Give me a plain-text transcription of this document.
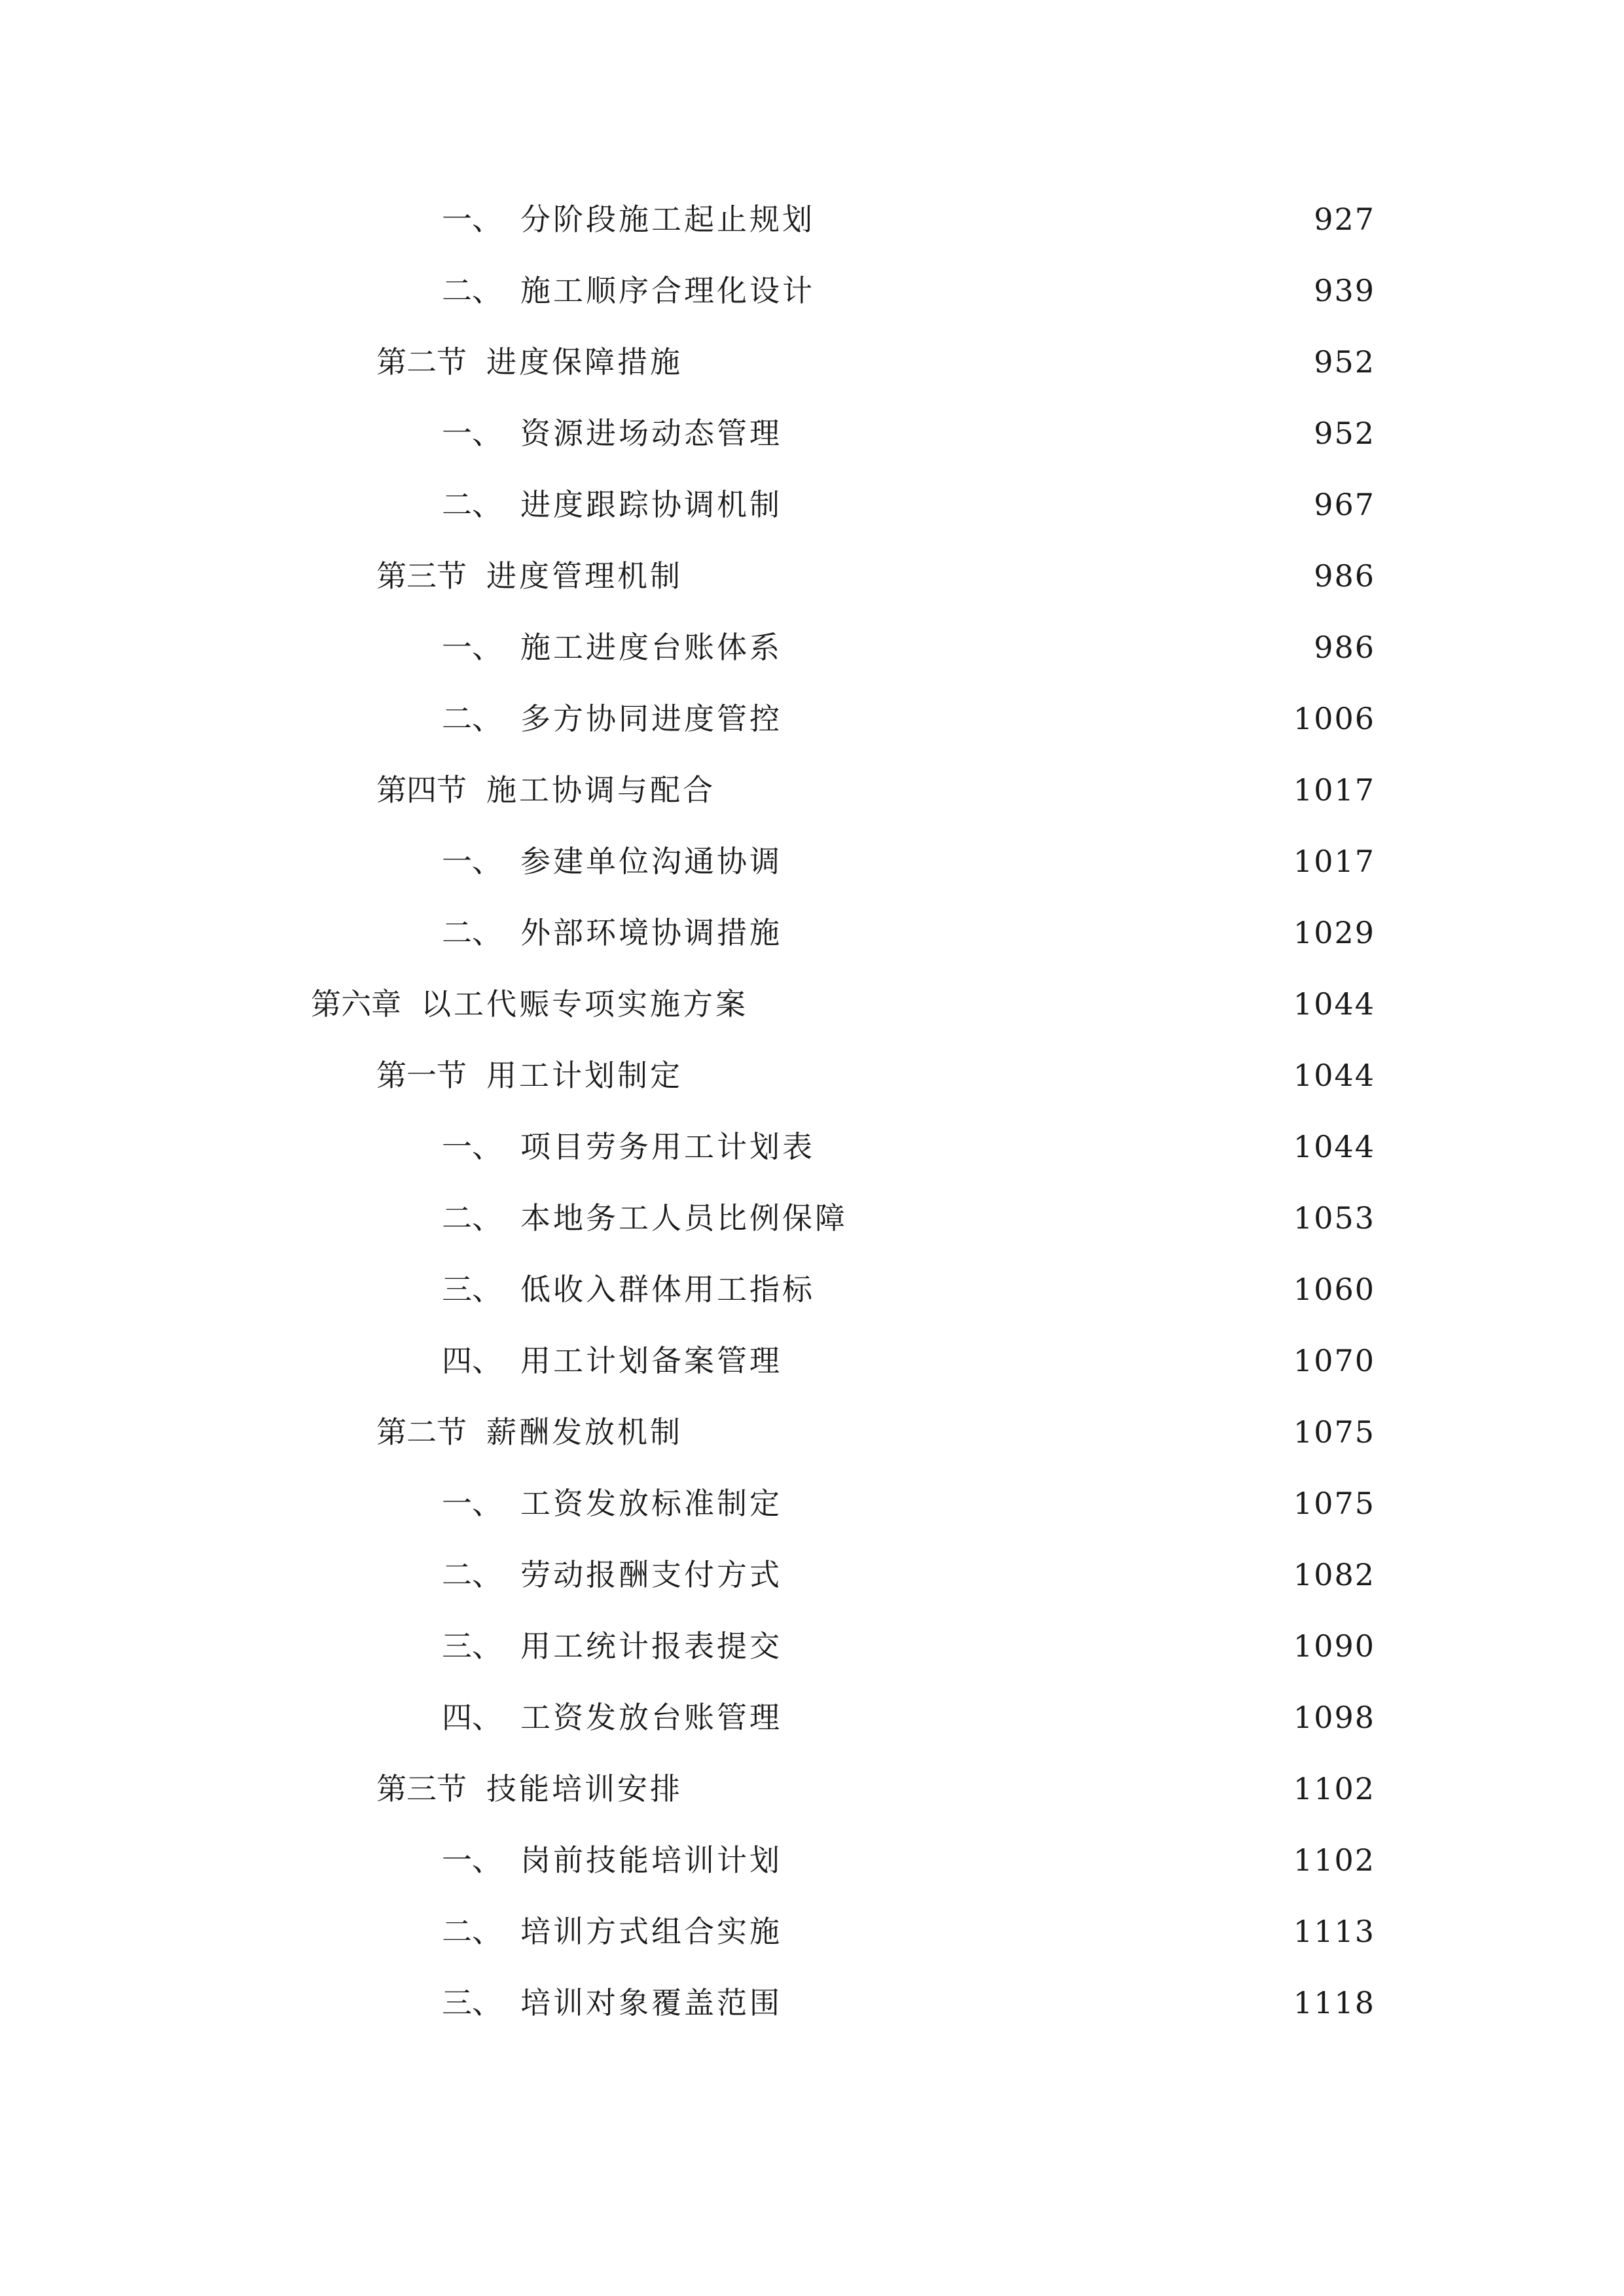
一、 分阶段施工起止规划	927
二、 施工顺序合理化设计	939
第二节 进度保障措施	952
一、 资源进场动态管理	952
二、 进度跟踪协调机制	967
第三节 进度管理机制	986
一、 施工进度台账体系	986
二、 多方协同进度管控	1006
第四节 施工协调与配合	1017
一、 参建单位沟通协调	1017
二、 外部环境协调措施	1029
第六章 以工代赈专项实施方案	1044
第一节 用工计划制定	1044
一、 项目劳务用工计划表	1044
二、 本地务工人员比例保障	1053
三、 低收入群体用工指标	1060
四、 用工计划备案管理	1070
第二节 薪酬发放机制	1075
一、 工资发放标准制定	1075
二、 劳动报酬支付方式	1082
三、 用工统计报表提交	1090
四、 工资发放台账管理	1098
第三节 技能培训安排	1102
一、 岗前技能培训计划	1102
二、 培训方式组合实施	1113
三、 培训对象覆盖范围	1118
